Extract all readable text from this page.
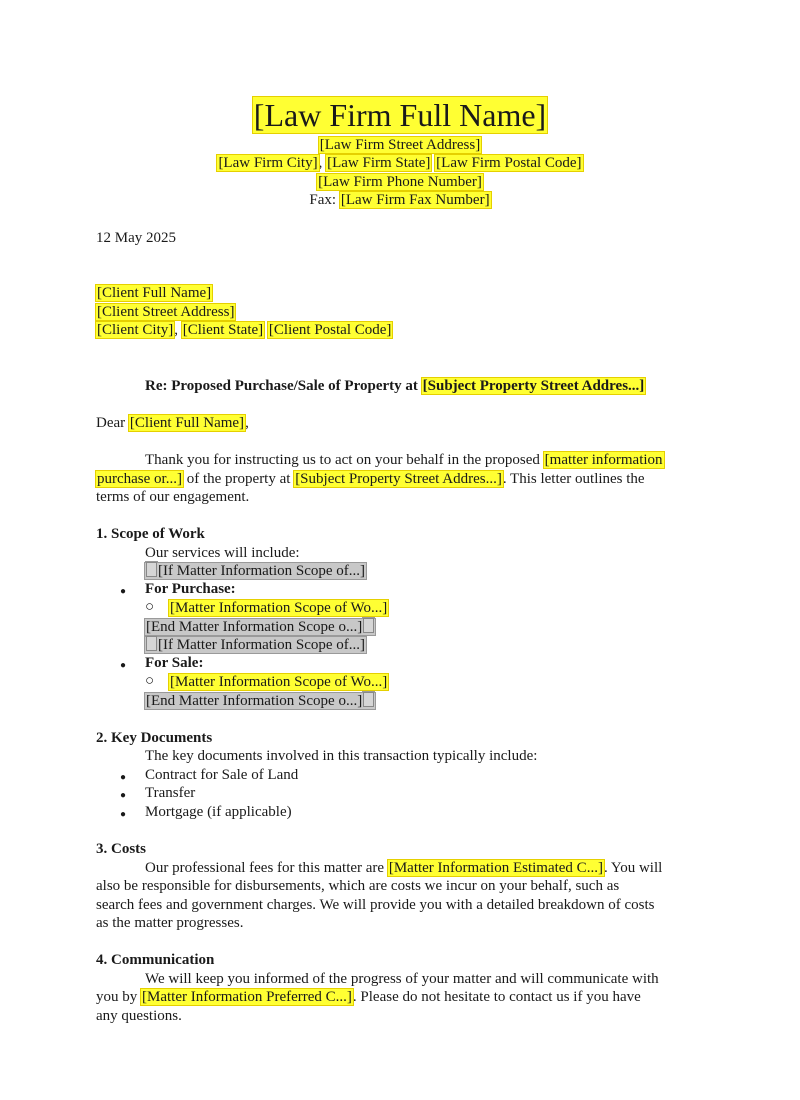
[Law Firm Full Name]
[Law Firm Street Address]
[Law Firm City], [Law Firm State] [Law Firm Postal Code]
[Law Firm Phone Number]
Fax: [Law Firm Fax Number]
12 May 2025
[Client Full Name]
[Client Street Address]
[Client City], [Client State] [Client Postal Code]
Re: Proposed Purchase/Sale of Property at [Subject Property Street Addres...]
Dear [Client Full Name],
Thank you for instructing us to act on your behalf in the proposed [matter information
purchase or...] of the property at [Subject Property Street Addres...]. This letter outlines the
terms of our engagement.
1. Scope of Work
Our services will include:
[If Matter Information Scope of...]
● For Purchase:
○ [Matter Information Scope of Wo...]
[End Matter Information Scope o...]
[If Matter Information Scope of...]
● For Sale:
○ [Matter Information Scope of Wo...]
[End Matter Information Scope o...]
2. Key Documents
The key documents involved in this transaction typically include:
● Contract for Sale of Land
● Transfer
● Mortgage (if applicable)
3. Costs
Our professional fees for this matter are [Matter Information Estimated C...]. You will
also be responsible for disbursements, which are costs we incur on your behalf, such as
search fees and government charges. We will provide you with a detailed breakdown of costs
as the matter progresses.
4. Communication
We will keep you informed of the progress of your matter and will communicate with
you by [Matter Information Preferred C...]. Please do not hesitate to contact us if you have
any questions.
